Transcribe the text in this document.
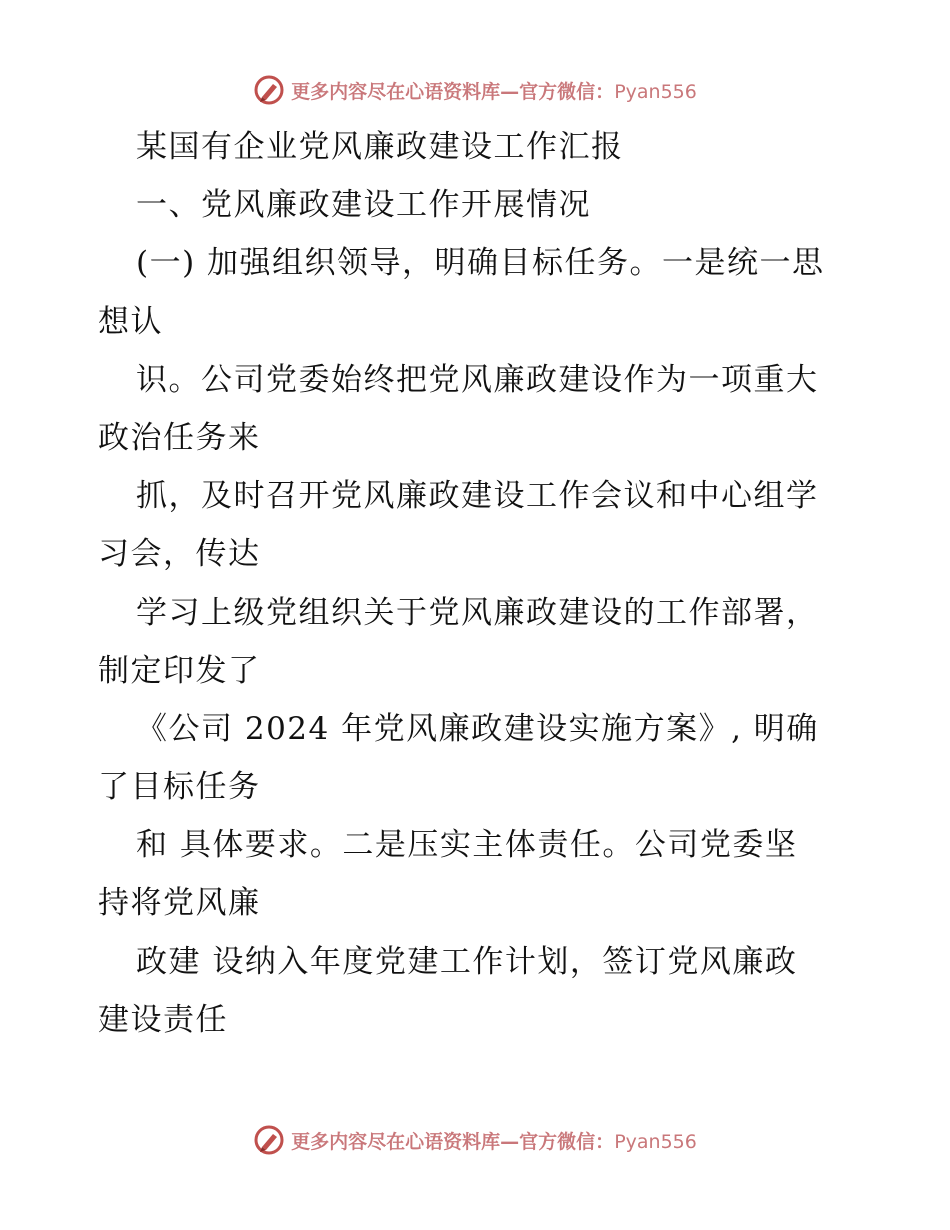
更多内容尽在心语资料库—官方微信：Pyan556
某国有企业党风廉政建设工作汇报
一、党风廉政建设工作开展情况
(一) 加强组织领导，明确目标任务。一是统一思
想认
识。公司党委始终把党风廉政建设作为一项重大
政治任务来
抓，及时召开党风廉政建设工作会议和中心组学
习会，传达
学习上级党组织关于党风廉政建设的工作部署，
制定印发了
《公司 2024 年党风廉政建设实施方案》, 明确
了目标任务
和 具体要求。二是压实主体责任。公司党委坚
持将党风廉
政建 设纳入年度党建工作计划，签订党风廉政
建设责任
更多内容尽在心语资料库—官方微信：Pyan556
